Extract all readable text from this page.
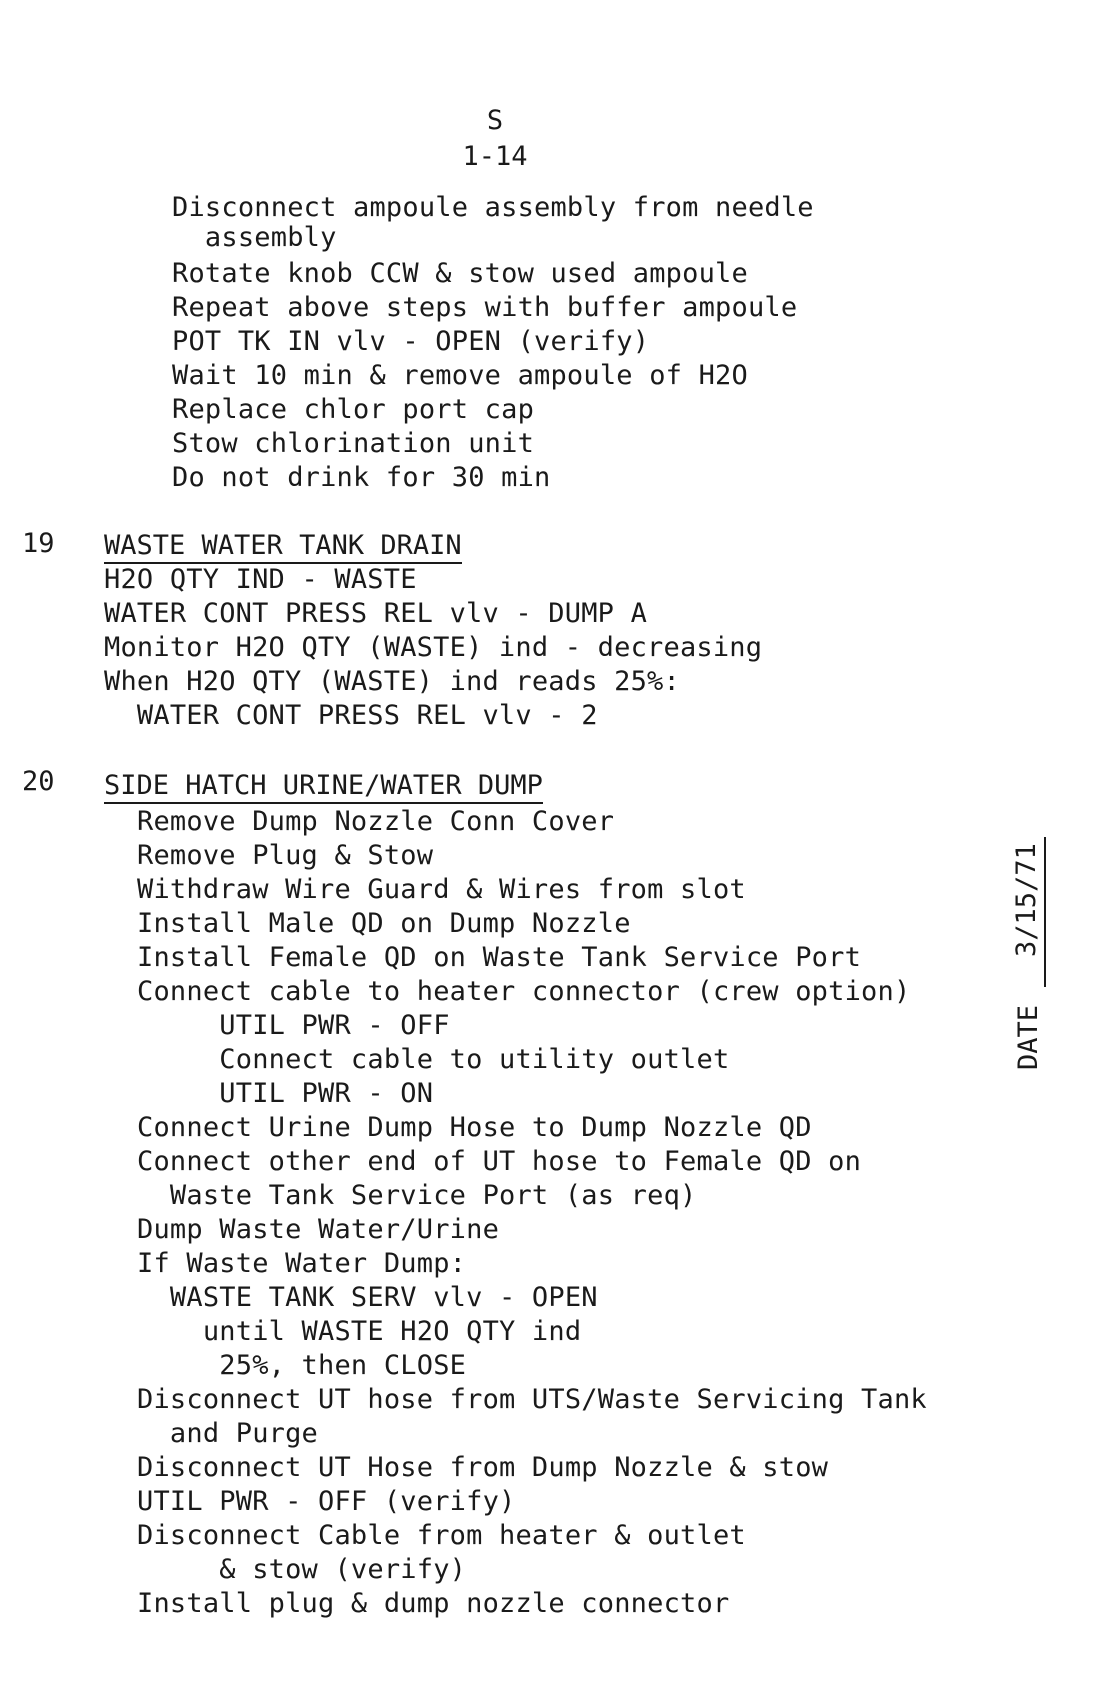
S
1-14
Disconnect ampoule assembly from needle
assembly
Rotate knob CCW & stow used ampoule
Repeat above steps with buffer ampoule
POT TK IN vlv - OPEN (verify)
Wait 10 min & remove ampoule of H2O
Replace chlor port cap
Stow chlorination unit
Do not drink for 30 min
19 WASTE WATER TANK DRAIN
H2O QTY IND - WASTE
WATER CONT PRESS REL vlv - DUMP A
Monitor H2O QTY (WASTE) ind - decreasing
When H2O QTY (WASTE) ind reads 25%:
WATER CONT PRESS REL vlv - 2
20 SIDE HATCH URINE/WATER DUMP
Remove Dump Nozzle Conn Cover
Remove Plug & Stow
Withdraw Wire Guard & Wires from slot
Install Male QD on Dump Nozzle
Install Female QD on Waste Tank Service Port
Connect cable to heater connector (crew option)
UTIL PWR - OFF
Connect cable to utility outlet
UTIL PWR - ON
Connect Urine Dump Hose to Dump Nozzle QD
Connect other end of UT hose to Female QD on
Waste Tank Service Port (as req)
Dump Waste Water/Urine
If Waste Water Dump:
WASTE TANK SERV vlv - OPEN
until WASTE H2O QTY ind
25%, then CLOSE
Disconnect UT hose from UTS/Waste Servicing Tank
and Purge
Disconnect UT Hose from Dump Nozzle & stow
UTIL PWR - OFF (verify)
Disconnect Cable from heater & outlet
& stow (verify)
Install plug & dump nozzle connector
DATE3/15/71
